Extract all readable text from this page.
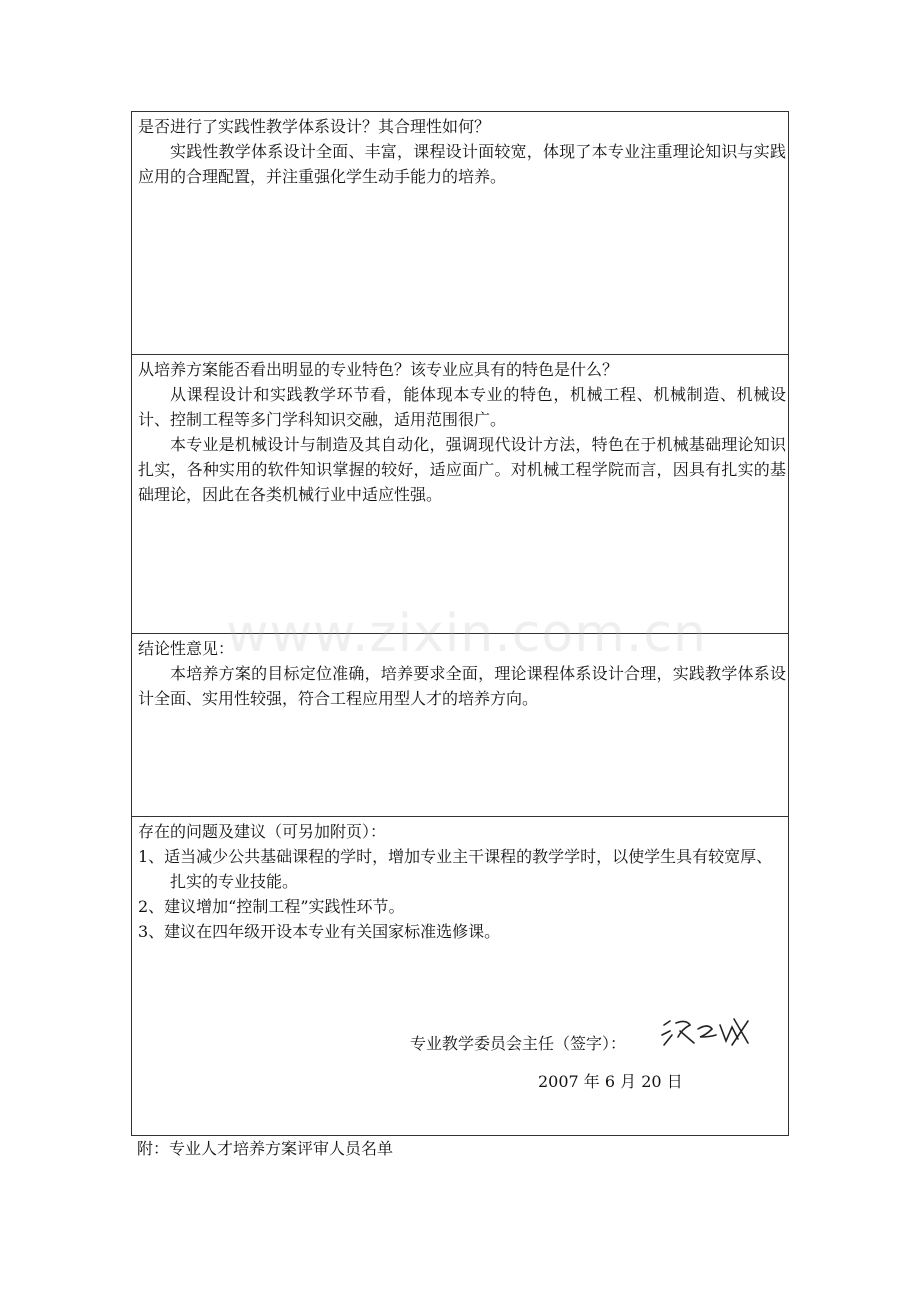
是否进行了实践性教学体系设计？其合理性如何？

实践性教学体系设计全面、丰富，课程设计面较宽，体现了本专业注重理论知识与实践应用的合理配置，并注重强化学生动手能力的培养。

从培养方案能否看出明显的专业特色？该专业应具有的特色是什么？

从课程设计和实践教学环节看，能体现本专业的特色，机械工程、机械制造、机械设计、控制工程等多门学科知识交融，适用范围很广。

本专业是机械设计与制造及其自动化，强调现代设计方法，特色在于机械基础理论知识扎实，各种实用的软件知识掌握的较好，适应面广。对机械工程学院而言，因具有扎实的基础理论，因此在各类机械行业中适应性强。

结论性意见：

本培养方案的目标定位准确，培养要求全面，理论课程体系设计合理，实践教学体系设计全面、实用性较强，符合工程应用型人才的培养方向。

存在的问题及建议（可另加附页）：

1、适当减少公共基础课程的学时，增加专业主干课程的教学学时，以使学生具有较宽厚、扎实的专业技能。

2、建议增加“控制工程”实践性环节。

3、建议在四年级开设本专业有关国家标准选修课。

专业教学委员会主任（签字）：
2007 年 6 月 20 日
附：专业人才培养方案评审人员名单
www.zixin.com.cn
